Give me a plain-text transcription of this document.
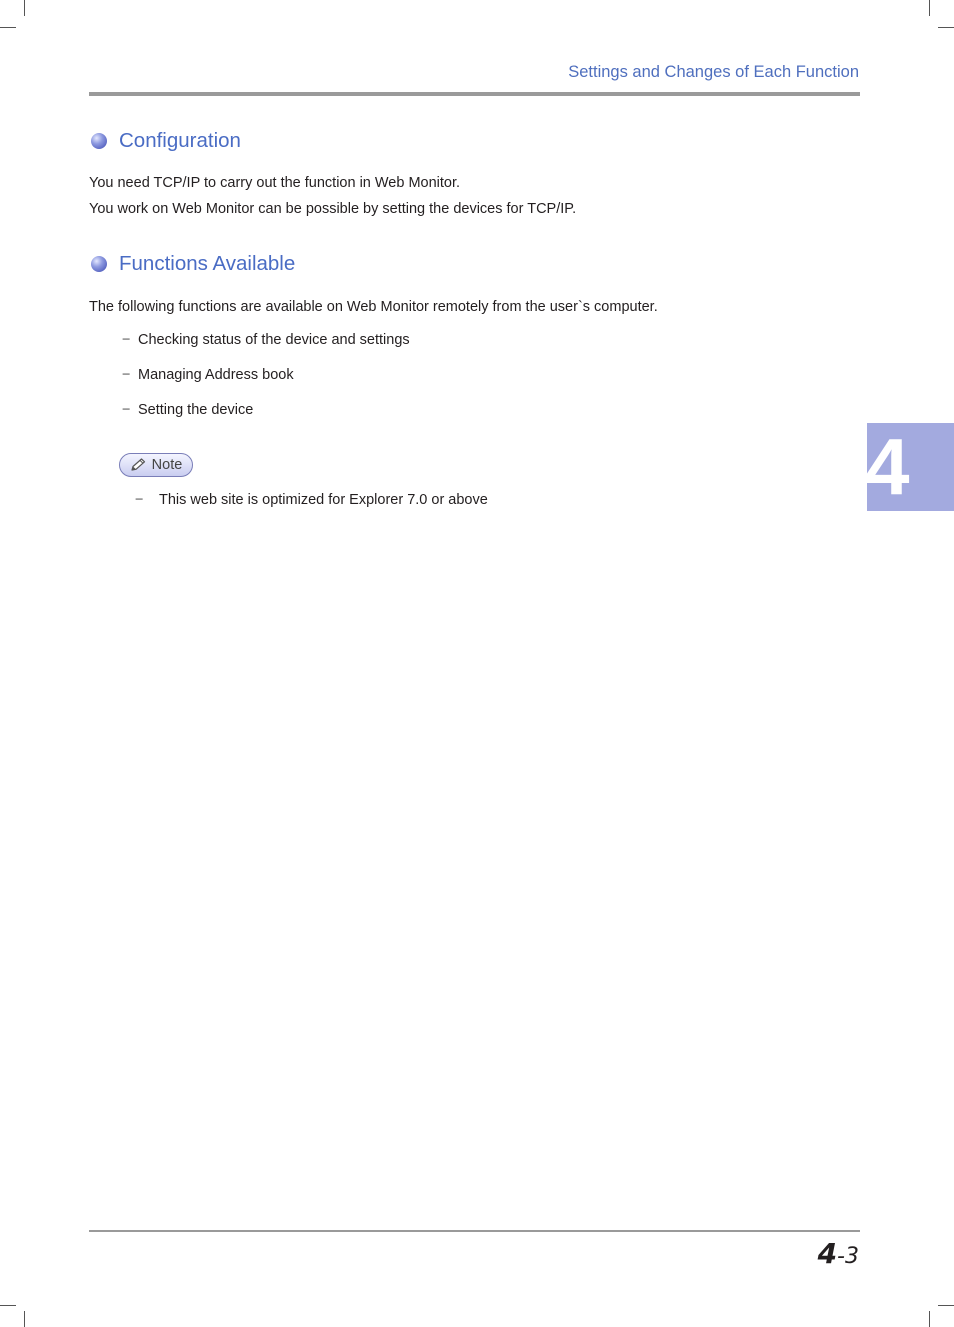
Settings and Changes of Each Function
Configuration
You need TCP/IP to carry out the function in Web Monitor.
You work on Web Monitor can be possible by setting the devices for TCP/IP.
Functions Available
The following functions are available on Web Monitor remotely from the user`s computer.
− Checking status of the device and settings
− Managing Address book
− Setting the device
Note
−	This web site is optimized for Explorer 7.0 or above	4
4-3
